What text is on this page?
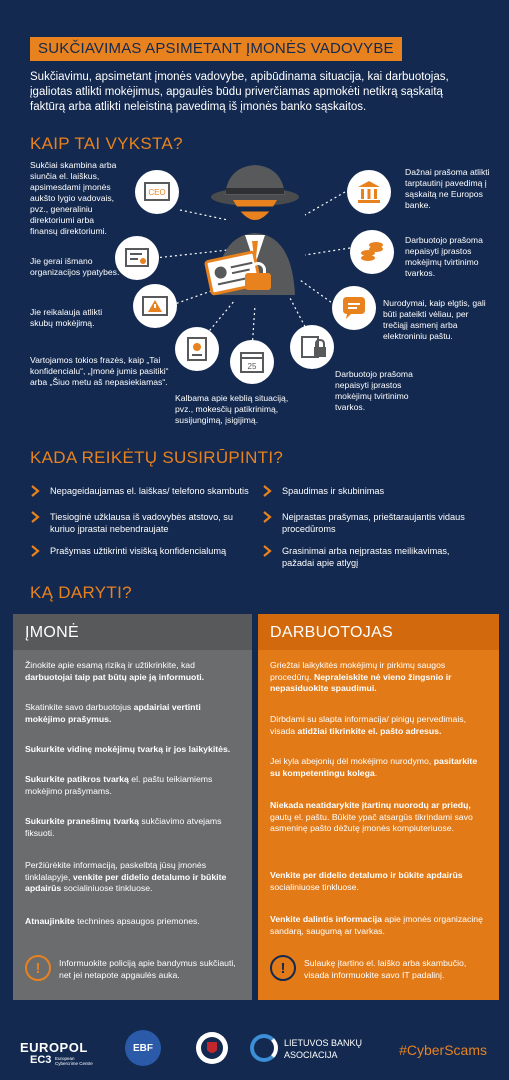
SUKČIAVIMAS APSIMETANT ĮMONĖS VADOVYBE

Sukčiavimu, apsimetant įmonės vadovybe, apibūdinama situacija, kai darbuotojas, įgaliotas atlikti mokėjimus, apgaulės būdu priverčiamas apmokėti netikrą sąskaitą faktūrą arba atlikti neleistiną pavedimą iš įmonės banko sąskaitos.

KAIP TAI VYKSTA?
Sukčiai skambina arba siunčia el. laiškus, apsimesdami įmonės aukšto lygio vadovais, pvz., generaliniu direktoriumi arba finansų direktoriumi.
Jie gerai išmano organizacijos ypatybes.
Jie reikalauja atlikti skubų mokėjimą.
Vartojamos tokios frazės, kaip „Tai konfidencialu“, „Įmonė jumis pasitiki“ arba „Šiuo metu aš nepasiekiamas“.
Kalbama apie keblią situaciją, pvz., mokesčių patikrinimą, susijungimą, įsigijimą.
Dažnai prašoma atlikti tarptautinį pavedimą į sąskaitą ne Europos banke.
Darbuotojo prašoma nepaisyti įprastos mokėjimų tvirtinimo tvarkos.
Nurodymai, kaip elgtis, gali būti pateikti vėliau, per trečiąjį asmenį arba elektroniniu paštu.
Darbuotojo prašoma nepaisyti įprastos mokėjimų tvirtinimo tvarkos.
CEO
25
KADA REIKĖTŲ SUSIRŪPINTI?
Nepageidaujamas el. laiškas/ telefono skambutis	Spaudimas ir skubinimas
Tiesioginė užklausa iš vadovybės atstovo, su kuriuo įprastai nebendraujate
Neįprastas prašymas, prieštaraujantis vidaus procedūroms
Prašymas užtikrinti visišką konfidencialumą	Grasinimai arba neįprastas meilikavimas, pažadai apie atlygį
KĄ DARYTI?
ĮMONĖ
Žinokite apie esamą riziką ir užtikrinkite, kad darbuotojai taip pat būtų apie ją informuoti.
Skatinkite savo darbuotojus apdairiai vertinti mokėjimo prašymus.
Sukurkite vidinę mokėjimų tvarką ir jos laikykitės.
Sukurkite patikros tvarką el. paštu teikiamiems mokėjimo prašymams.
Sukurkite pranešimų tvarką sukčiavimo atvejams fiksuoti.
Peržiūrėkite informaciją, paskelbtą jūsų įmonės tinklalapyje, venkite per didelio detalumo ir būkite apdairūs socialiniuose tinkluose.
Atnaujinkite technines apsaugos priemones.
!	Informuokite policiją apie bandymus sukčiauti, net jei netapote apgaulės auka.
DARBUOTOJAS
Griežtai laikykitės mokėjimų ir pirkimų saugos procedūrų. Nepraleiskite nė vieno žingsnio ir nepasiduokite spaudimui.
Dirbdami su slapta informacija/ pinigų pervedimais, visada atidžiai tikrinkite el. pašto adresus.
Jei kyla abejonių dėl mokėjimo nurodymo, pasitarkite su kompetentingu kolega.
Niekada neatidarykite įtartinų nuorodų ar priedų, gautų el. paštu. Būkite ypač atsargūs tikrindami savo asmeninę pašto dėžutę įmonės kompiuteriuose.
Venkite per didelio detalumo ir būkite apdairūs socialiniuose tinkluose.
Venkite dalintis informacija apie įmonės organizacinę sandarą, saugumą ar tvarkas.
!	Sulaukę įtartino el. laiško arba skambučio, visada informuokite savo IT padalinį.
EUROPOL
EC3 European Cybercrime Centre
EBF	LIETUVOS BANKŲ
ASOCIACIJA	#CyberScams
